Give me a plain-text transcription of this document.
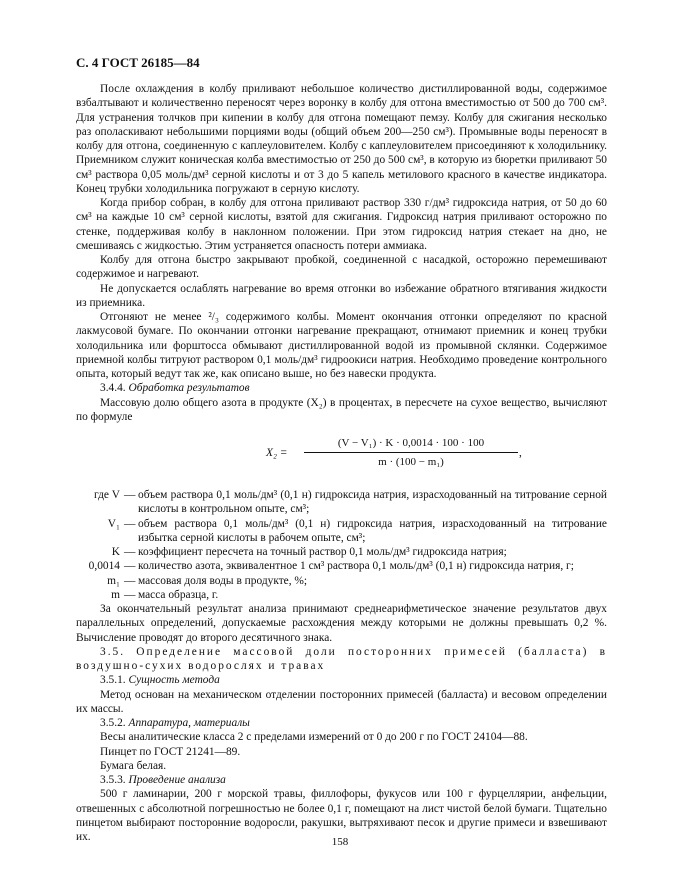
С. 4 ГОСТ 26185—84

После охлаждения в колбу приливают небольшое количество дистиллированной воды, содержимое взбалтывают и количественно переносят через воронку в колбу для отгона вместимостью от 500 до 700 см³. Для устранения толчков при кипении в колбу для отгона помещают пемзу. Колбу для сжигания несколько раз ополаскивают небольшими порциями воды (общий объем 200—250 см³). Промывные воды переносят в колбу для отгона, соединенную с каплеуловителем. Колбу с каплеуловителем присоединяют к холодильнику. Приемником служит коническая колба вместимостью от 250 до 500 см³, в которую из бюретки приливают 50 см³ раствора 0,05 моль/дм³ серной кислоты и от 3 до 5 капель метилового красного в качестве индикатора. Конец трубки холодильника погружают в серную кислоту.

Когда прибор собран, в колбу для отгона приливают раствор 330 г/дм³ гидроксида натрия, от 50 до 60 см³ на каждые 10 см³ серной кислоты, взятой для сжигания. Гидроксид натрия приливают осторожно по стенке, поддерживая колбу в наклонном положении. При этом гидроксид натрия стекает на дно, не смешиваясь с жидкостью. Этим устраняется опасность потери аммиака.

Колбу для отгона быстро закрывают пробкой, соединенной с насадкой, осторожно перемешивают содержимое и нагревают.

Не допускается ослаблять нагревание во время отгонки во избежание обратного втягивания жидкости из приемника.

Отгоняют не менее ²/₃ содержимого колбы. Момент окончания отгонки определяют по красной лакмусовой бумаге. По окончании отгонки нагревание прекращают, отнимают приемник и конец трубки холодильника или форштосса обмывают дистиллированной водой из промывной склянки. Содержимое приемной колбы титруют раствором 0,1 моль/дм³ гидроокиси натрия. Необходимо проведение контрольного опыта, который ведут так же, как описано выше, но без навески продукта.

3.4.4. Обработка результатов

Массовую долю общего азота в продукте (X₂) в процентах, в пересчете на сухое вещество, вычисляют по формуле

X₂ =
(V − V₁) · K · 0,0014 · 100 · 100
m · (100 − m₁)
,
где V — объем раствора 0,1 моль/дм³ (0,1 н) гидроксида натрия, израсходованный на титрование серной кислоты в контрольном опыте, см³;
V₁ — объем раствора 0,1 моль/дм³ (0,1 н) гидроксида натрия, израсходованный на титрование избытка серной кислоты в рабочем опыте, см³;
K — коэффициент пересчета на точный раствор 0,1 моль/дм³ гидроксида натрия;
0,0014 — количество азота, эквивалентное 1 см³ раствора 0,1 моль/дм³ (0,1 н) гидроксида натрия, г;
m₁ — массовая доля воды в продукте, %;
m — масса образца, г.

За окончательный результат анализа принимают среднеарифметическое значение результатов двух параллельных определений, допускаемые расхождения между которыми не должны превышать 0,2 %. Вычисление проводят до второго десятичного знака.

3.5. Определение массовой доли посторонних примесей (балласта) в воздушно-сухих водорослях и травах

3.5.1. Сущность метода

Метод основан на механическом отделении посторонних примесей (балласта) и весовом определении их массы.

3.5.2. Аппаратура, материалы

Весы аналитические класса 2 с пределами измерений от 0 до 200 г по ГОСТ 24104—88.

Пинцет по ГОСТ 21241—89.

Бумага белая.

3.5.3. Проведение анализа

500 г ламинарии, 200 г морской травы, филлофоры, фукусов или 100 г фурцеллярии, анфельции, отвешенных с абсолютной погрешностью не более 0,1 г, помещают на лист чистой белой бумаги. Тщательно пинцетом выбирают посторонние водоросли, ракушки, вытряхивают песок и другие примеси и взвешивают их.	158
